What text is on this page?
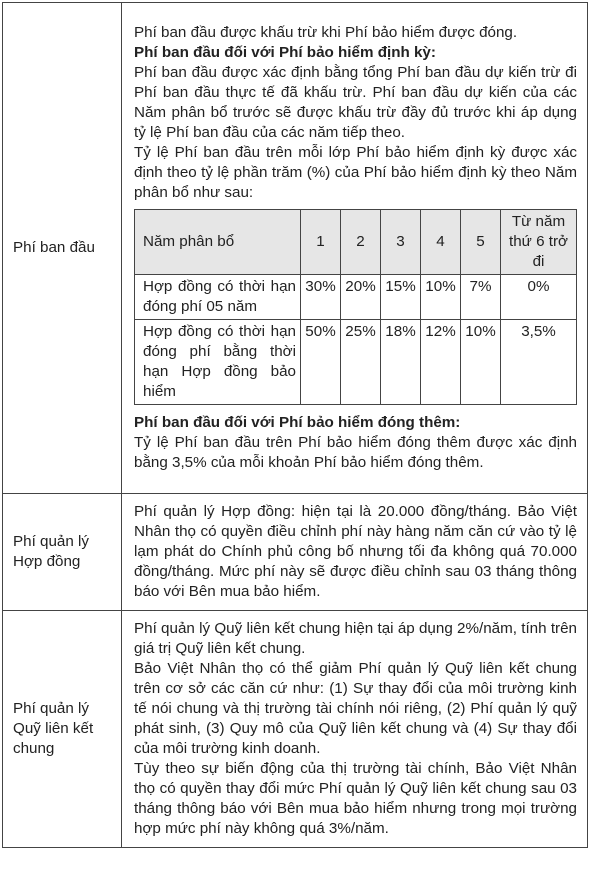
Phí ban đầu	

Phí ban đầu được khấu trừ khi Phí bảo hiểm được đóng.

Phí ban đầu đối với Phí bảo hiểm định kỳ:

Phí ban đầu được xác định bằng tổng Phí ban đầu dự kiến trừ đi Phí ban đầu thực tế đã khấu trừ. Phí ban đầu dự kiến của các Năm phân bổ trước sẽ được khấu trừ đầy đủ trước khi áp dụng tỷ lệ Phí ban đầu của các năm tiếp theo.

Tỷ lệ Phí ban đầu trên mỗi lớp Phí bảo hiểm định kỳ được xác định theo tỷ lệ phần trăm (%) của Phí bảo hiểm định kỳ theo Năm phân bổ như sau:

Năm phân bổ	1	2	3	4	5	Từ năm thứ 6 trở đi
Hợp đồng có thời hạn đóng phí 05 năm	30%	20%	15%	10%	7%	0%
Hợp đồng có thời hạn đóng phí bằng thời hạn Hợp đồng bảo hiểm	50%	25%	18%	12%	10%	3,5%

Phí ban đầu đối với Phí bảo hiểm đóng thêm:

Tỷ lệ Phí ban đầu trên Phí bảo hiểm đóng thêm được xác định bằng 3,5% của mỗi khoản Phí bảo hiểm đóng thêm.

Phí quản lý Hợp đồng	

Phí quản lý Hợp đồng: hiện tại là 20.000 đồng/tháng. Bảo Việt Nhân thọ có quyền điều chỉnh phí này hàng năm căn cứ vào tỷ lệ lạm phát do Chính phủ công bố nhưng tối đa không quá 70.000 đồng/tháng. Mức phí này sẽ được điều chỉnh sau 03 tháng thông báo với Bên mua bảo hiểm.

Phí quản lý Quỹ liên kết chung	

Phí quản lý Quỹ liên kết chung hiện tại áp dụng 2%/năm, tính trên giá trị Quỹ liên kết chung.

Bảo Việt Nhân thọ có thể giảm Phí quản lý Quỹ liên kết chung trên cơ sở các căn cứ như: (1) Sự thay đổi của môi trường kinh tế nói chung và thị trường tài chính nói riêng, (2) Phí quản lý quỹ phát sinh, (3) Quy mô của Quỹ liên kết chung và (4) Sự thay đổi của môi trường kinh doanh.

Tùy theo sự biến động của thị trường tài chính, Bảo Việt Nhân thọ có quyền thay đổi mức Phí quản lý Quỹ liên kết chung sau 03 tháng thông báo với Bên mua bảo hiểm nhưng trong mọi trường hợp mức phí này không quá 3%/năm.
